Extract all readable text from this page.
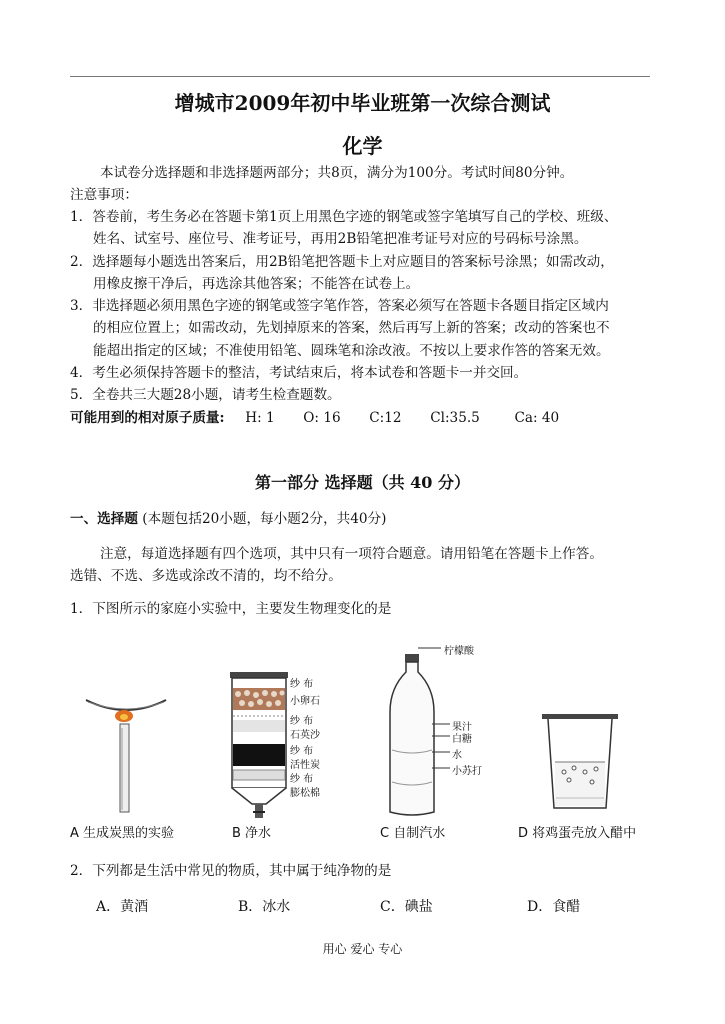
增城市2009年初中毕业班第一次综合测试
化学
本试卷分选择题和非选择题两部分；共8页，满分为100分。考试时间80分钟。
注意事项：
1．答卷前，考生务必在答题卡第1页上用黑色字迹的钢笔或签字笔填写自己的学校、班级、
姓名、试室号、座位号、准考证号，再用2B铅笔把准考证号对应的号码标号涂黑。
2．选择题每小题选出答案后，用2B铅笔把答题卡上对应题目的答案标号涂黑；如需改动，
用橡皮擦干净后，再选涂其他答案；不能答在试卷上。
3．非选择题必须用黑色字迹的钢笔或签字笔作答，答案必须写在答题卡各题目指定区域内
的相应位置上；如需改动，先划掉原来的答案，然后再写上新的答案；改动的答案也不
能超出指定的区域；不准使用铅笔、圆珠笔和涂改液。不按以上要求作答的答案无效。
4．考生必须保持答题卡的整洁，考试结束后，将本试卷和答题卡一并交回。
5．全卷共三大题28小题，请考生检查题数。
可能用到的相对原子质量: H: 1 O: 16 C:12 Cl:35.5	Ca: 40
第一部分 选择题（共 40 分）
一、选择题 (本题包括20小题，每小题2分，共40分)
注意，每道选择题有四个选项，其中只有一项符合题意。请用铅笔在答题卡上作答。
选错、不选、多选或涂改不清的，均不给分。
1．下图所示的家庭小实验中，主要发生物理变化的是
纱 布
小卵石
纱 布
石英沙
纱 布
活性炭
纱 布
膨松棉
柠檬酸
果汁
白糖
水
小苏打
A 生成炭黑的实验	B 净水	C 自制汽水	D 将鸡蛋壳放入醋中
2．下列都是生活中常见的物质，其中属于纯净物的是
A．黄酒	B．冰水	C．碘盐	D．食醋
用心 爱心 专心
